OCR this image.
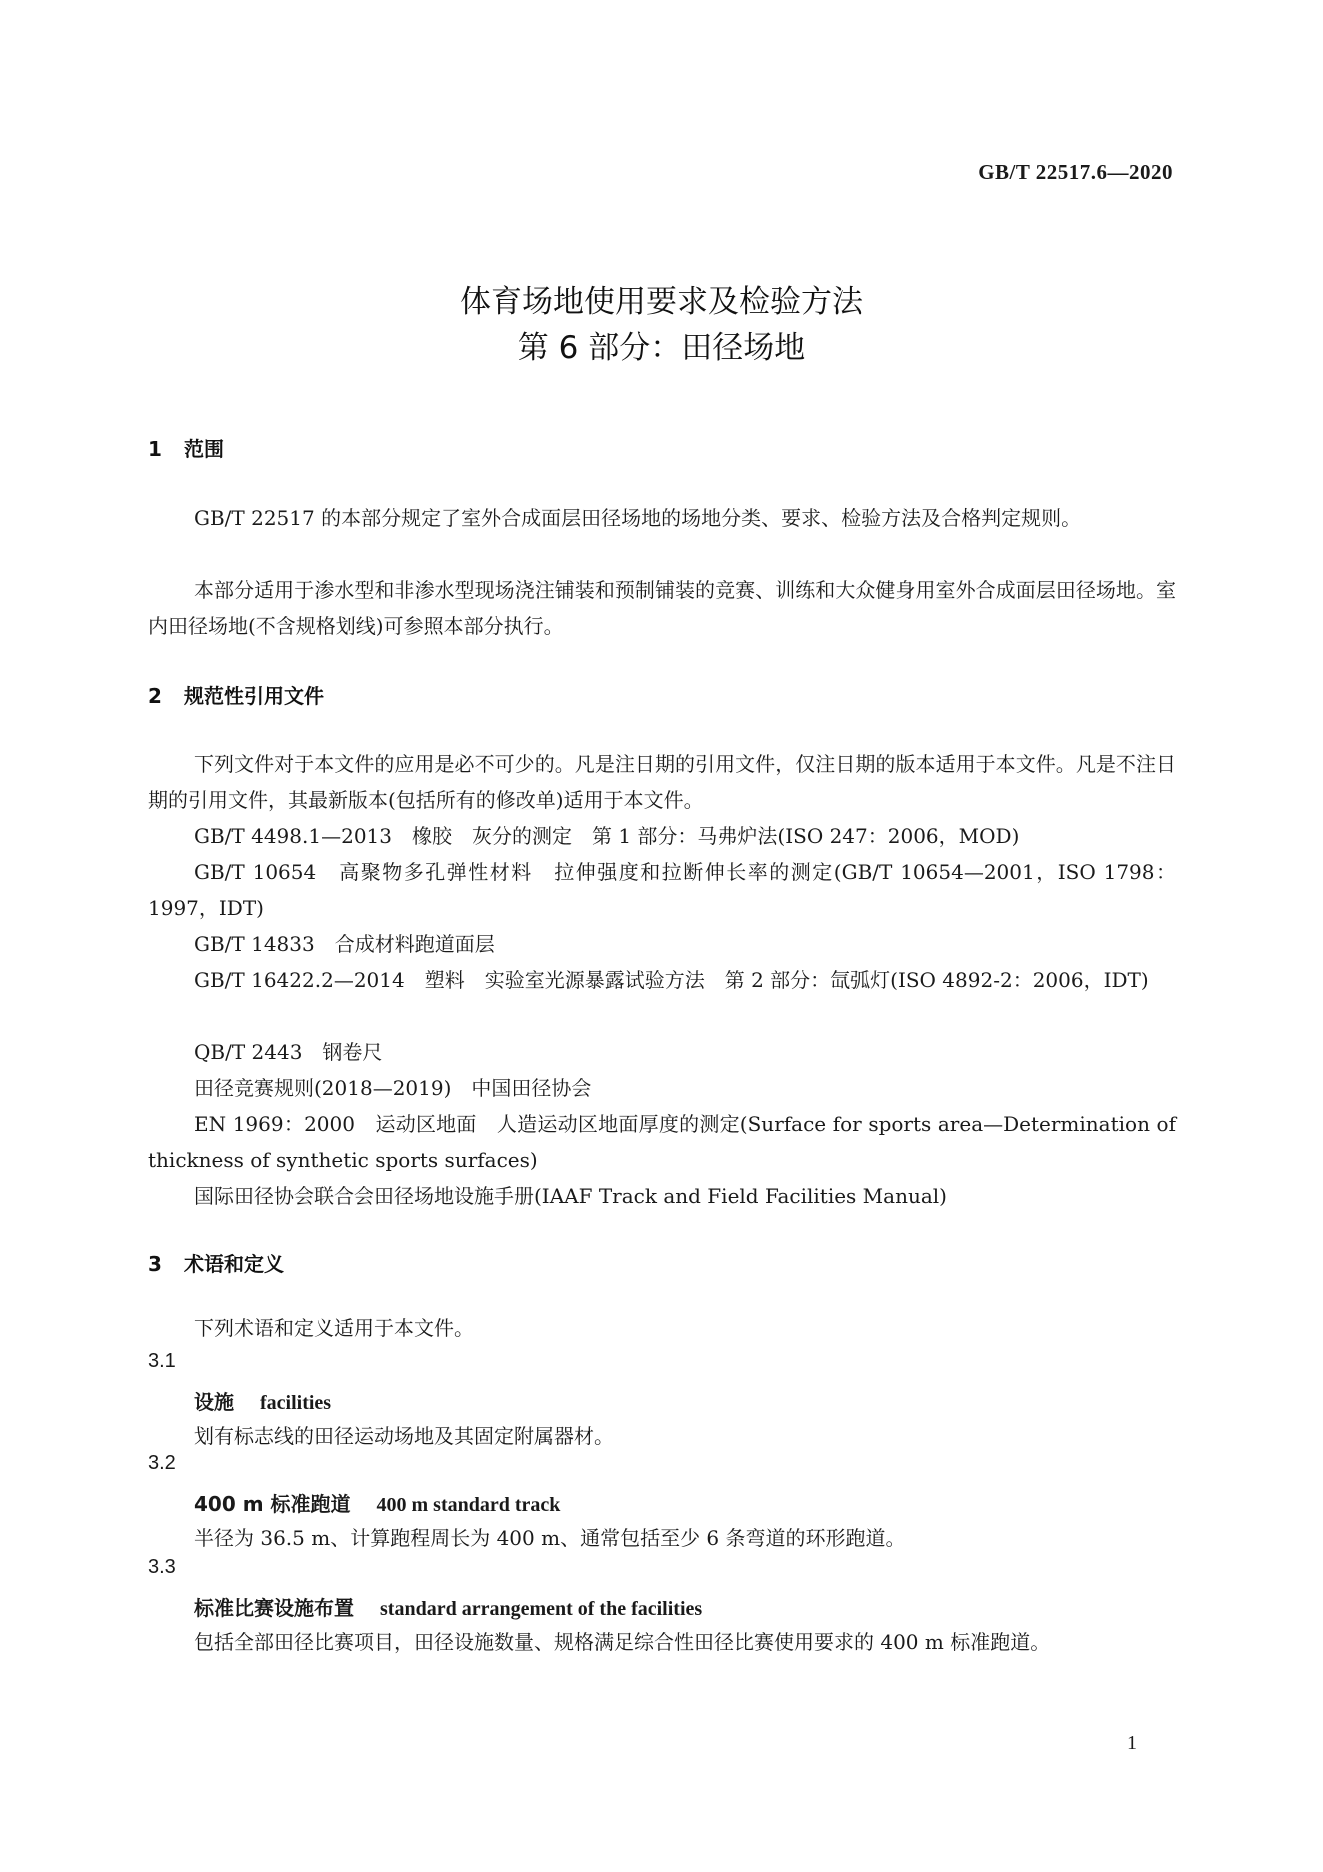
GB/T 22517.6—2020
体育场地使用要求及检验方法
第 6 部分：田径场地
1 范围
GB/T 22517 的本部分规定了室外合成面层田径场地的场地分类、要求、检验方法及合格判定规则。
本部分适用于渗水型和非渗水型现场浇注铺装和预制铺装的竞赛、训练和大众健身用室外合成面层田径场地。室内田径场地(不含规格划线)可参照本部分执行。
2 规范性引用文件
下列文件对于本文件的应用是必不可少的。凡是注日期的引用文件，仅注日期的版本适用于本文件。凡是不注日期的引用文件，其最新版本(包括所有的修改单)适用于本文件。
GB/T 4498.1—2013　橡胶　灰分的测定　第 1 部分：马弗炉法(ISO 247：2006，MOD)
GB/T 10654　高聚物多孔弹性材料　拉伸强度和拉断伸长率的测定(GB/T 10654—2001，ISO 1798：1997，IDT)
GB/T 14833　合成材料跑道面层
GB/T 16422.2—2014　塑料　实验室光源暴露试验方法　第 2 部分：氙弧灯(ISO 4892-2：2006，IDT)
QB/T 2443　钢卷尺
田径竞赛规则(2018—2019)　中国田径协会
EN 1969：2000　运动区地面　人造运动区地面厚度的测定(Surface for sports area—Determination of thickness of synthetic sports surfaces)
国际田径协会联合会田径场地设施手册(IAAF Track and Field Facilities Manual)
3 术语和定义
下列术语和定义适用于本文件。
3.1
设施 facilities
划有标志线的田径运动场地及其固定附属器材。
3.2
400 m 标准跑道 400 m standard track
半径为 36.5 m、计算跑程周长为 400 m、通常包括至少 6 条弯道的环形跑道。
3.3
标准比赛设施布置 standard arrangement of the facilities
包括全部田径比赛项目，田径设施数量、规格满足综合性田径比赛使用要求的 400 m 标准跑道。
1
